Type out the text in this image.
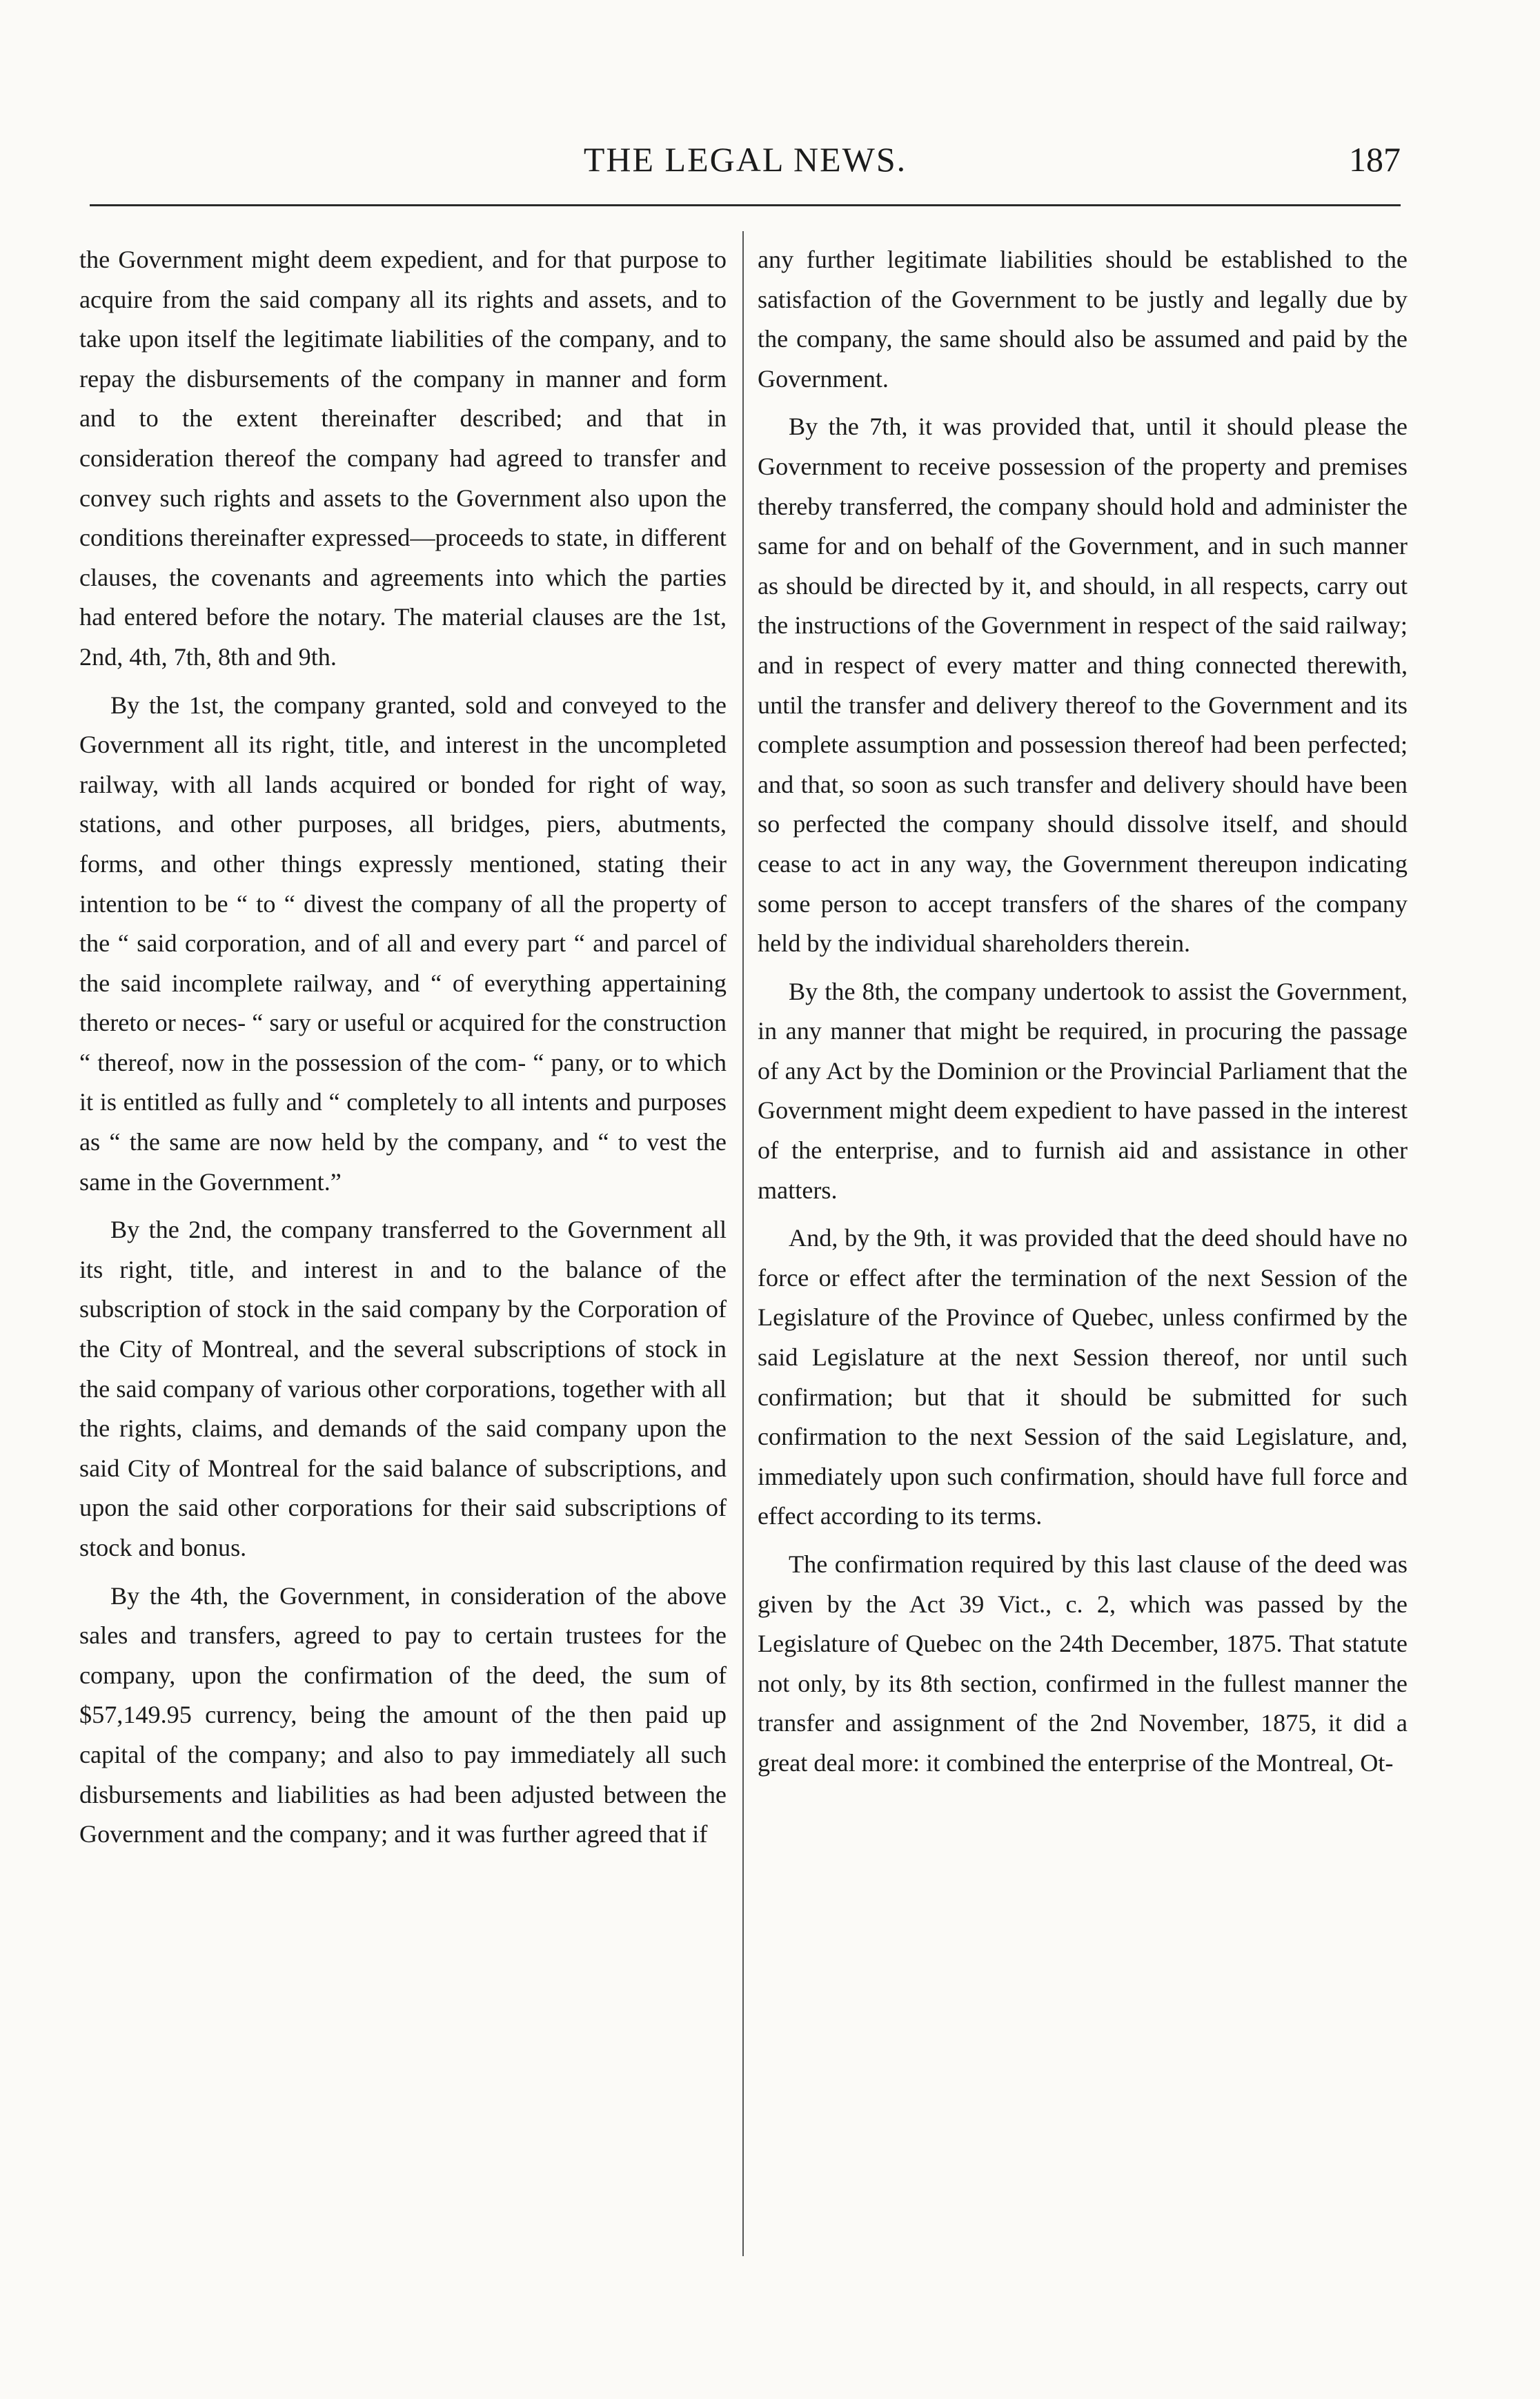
THE LEGAL NEWS.	187

the Government might deem expedient, and for that purpose to acquire from the said company all its rights and assets, and to take upon itself the legitimate liabilities of the company, and to repay the disbursements of the company in manner and form and to the extent thereinafter described; and that in consideration thereof the company had agreed to transfer and convey such rights and assets to the Government also upon the conditions thereinafter expressed—proceeds to state, in different clauses, the covenants and agreements into which the parties had entered before the notary. The material clauses are the 1st, 2nd, 4th, 7th, 8th and 9th.

By the 1st, the company granted, sold and conveyed to the Government all its right, title, and interest in the uncompleted railway, with all lands acquired or bonded for right of way, stations, and other purposes, all bridges, piers, abutments, forms, and other things expressly mentioned, stating their intention to be “ to “ divest the company of all the property of the “ said corporation, and of all and every part “ and parcel of the said incomplete railway, and “ of everything appertaining thereto or neces- “ sary or useful or acquired for the construction “ thereof, now in the possession of the com- “ pany, or to which it is entitled as fully and “ completely to all intents and purposes as “ the same are now held by the company, and “ to vest the same in the Government.”

By the 2nd, the company transferred to the Government all its right, title, and interest in and to the balance of the subscription of stock in the said company by the Corporation of the City of Montreal, and the several subscriptions of stock in the said company of various other corporations, together with all the rights, claims, and demands of the said company upon the said City of Montreal for the said balance of subscriptions, and upon the said other corporations for their said subscriptions of stock and bonus.

By the 4th, the Government, in consideration of the above sales and transfers, agreed to pay to certain trustees for the company, upon the confirmation of the deed, the sum of $57,149.95 currency, being the amount of the then paid up capital of the company; and also to pay immediately all such disbursements and liabilities as had been adjusted between the Government and the company; and it was further agreed that if

any further legitimate liabilities should be established to the satisfaction of the Government to be justly and legally due by the company, the same should also be assumed and paid by the Government.

By the 7th, it was provided that, until it should please the Government to receive possession of the property and premises thereby transferred, the company should hold and administer the same for and on behalf of the Government, and in such manner as should be directed by it, and should, in all respects, carry out the instructions of the Government in respect of the said railway; and in respect of every matter and thing connected therewith, until the transfer and delivery thereof to the Government and its complete assumption and possession thereof had been perfected; and that, so soon as such transfer and delivery should have been so perfected the company should dissolve itself, and should cease to act in any way, the Government thereupon indicating some person to accept transfers of the shares of the company held by the individual shareholders therein.

By the 8th, the company undertook to assist the Government, in any manner that might be required, in procuring the passage of any Act by the Dominion or the Provincial Parliament that the Government might deem expedient to have passed in the interest of the enterprise, and to furnish aid and assistance in other matters.

And, by the 9th, it was provided that the deed should have no force or effect after the termination of the next Session of the Legislature of the Province of Quebec, unless confirmed by the said Legislature at the next Session thereof, nor until such confirmation; but that it should be submitted for such confirmation to the next Session of the said Legislature, and, immediately upon such confirmation, should have full force and effect according to its terms.

The confirmation required by this last clause of the deed was given by the Act 39 Vict., c. 2, which was passed by the Legislature of Quebec on the 24th December, 1875. That statute not only, by its 8th section, confirmed in the fullest manner the transfer and assignment of the 2nd November, 1875, it did a great deal more: it combined the enterprise of the Montreal, Ot-
